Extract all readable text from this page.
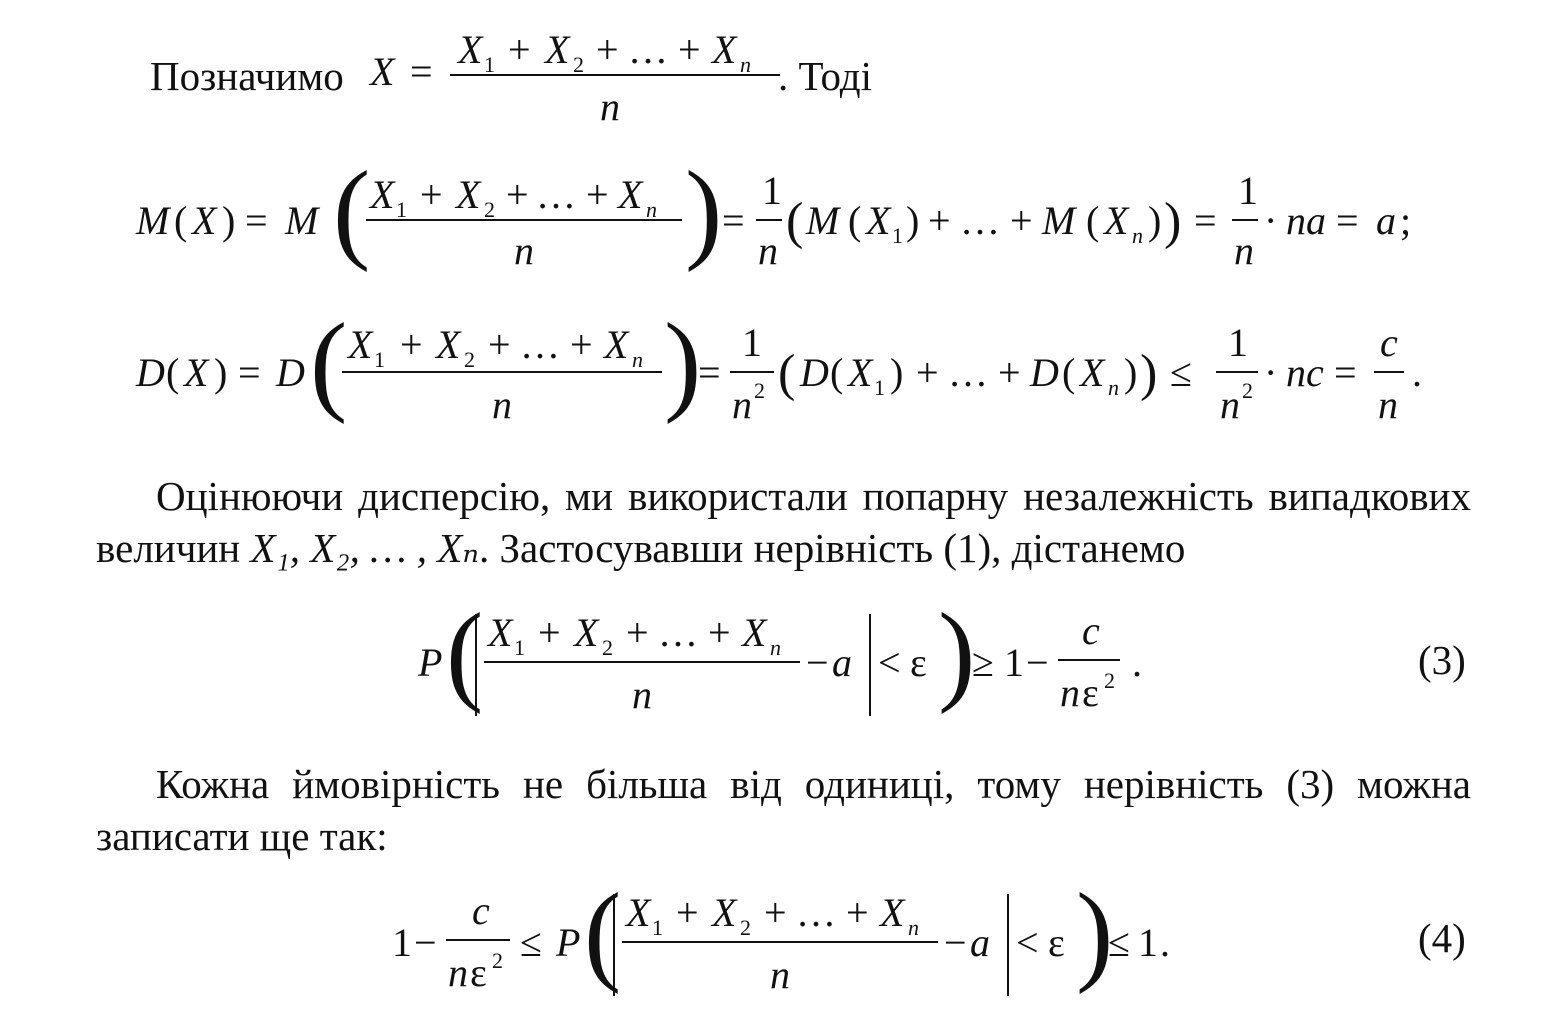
Позначимо X = X 1 + X 2 + … + X n
n
. Тоді
M ( X ) = M ( X 1 + X 2 + … + X n
n ) =
1
n
( M ( X 1 ) + … + M ( X n ) ) =
1
n
· na = a ;
D ( X ) = D ( X 1 + X 2 + … + X n
n )
=
1
n 2 ( D ( X 1 ) + … + D ( X n ) ) ≤
1
n 2 · nc =
c
n
.

Оцінюючи дисперсію, ми використали попарну незалежність випадкових величин X₁, X₂, … , Xₙ. Застосувавши нерівність (1), дістанемо

P ( X 1 + X 2 + … + X n
n
− a < ε )
≥ 1 −
c
n ε 2 .	(3)

Кожна ймовірність не більша від одиниці, тому нерівність (3) можна записати ще так:

1 −
c
n ε 2 ≤ P ( X 1 + X 2 + … + X n
n
− a < ε )
≤ 1 .	(4)
